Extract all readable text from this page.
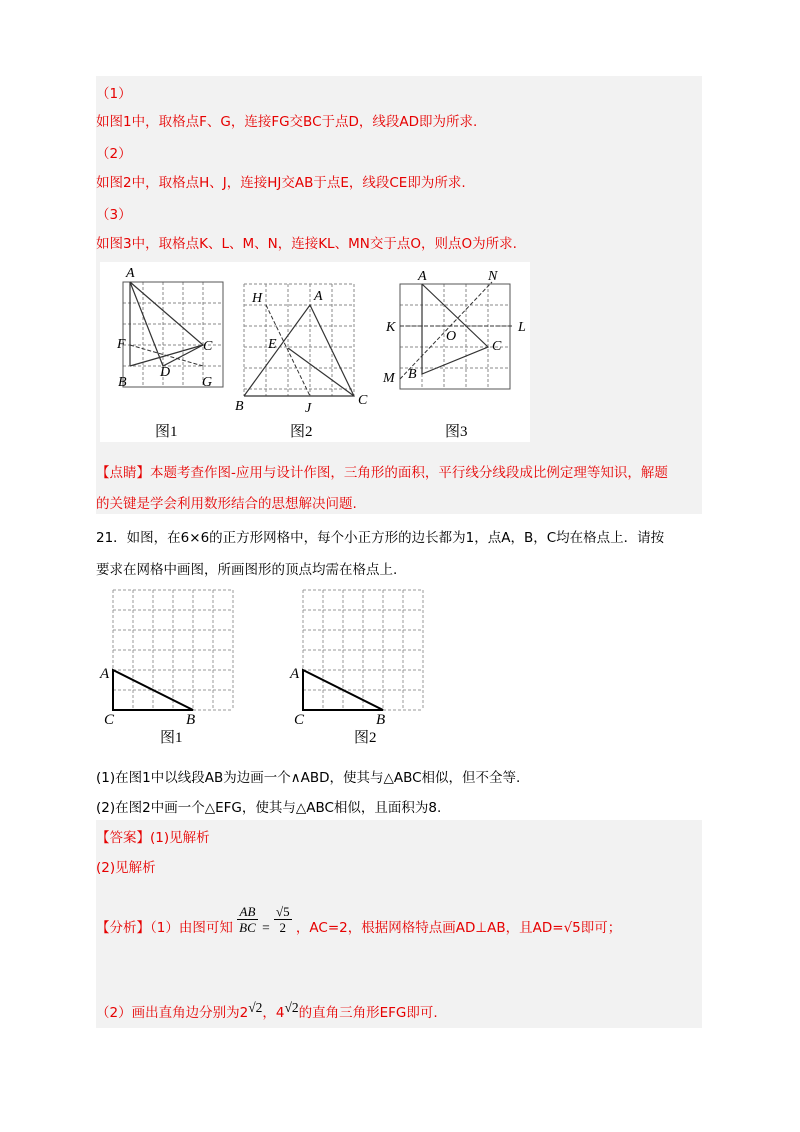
（1）
如图1中，取格点F、G，连接FG交BC于点D，线段AD即为所求.
（2）
如图2中，取格点H、J，连接HJ交AB于点E，线段CE即为所求.
（3）
如图3中，取格点K、L、M、N，连接KL、MN交于点O，则点O为所求.
A
F	C
D
B	G
图1
H	A
E
B	J
C
图2
A	N
K
O
L
C
M B
图3
【点睛】本题考查作图-应用与设计作图，三角形的面积，平行线分线段成比例定理等知识，解题
的关键是学会利用数形结合的思想解决问题.
21．如图，在6×6的正方形网格中，每个小正方形的边长都为1，点A，B，C均在格点上．请按
要求在网格中画图，所画图形的顶点均需在格点上.
A
C	B
图1
A
C	B
图2
(1)在图1中以线段AB为边画一个∧ABD，使其与△ABC相似，但不全等.
(2)在图2中画一个△EFG，使其与△ABC相似，且面积为8.
【答案】(1)见解析
(2)见解析
【分析】（1）由图可知 $\frac{AB}{BC} = \frac{√5}{2}$ ，AC=2，根据网格特点画AD⊥AB，且AD=√5即可；
（2）画出直角边分别为2√2，4√2的直角三角形EFG即可.
